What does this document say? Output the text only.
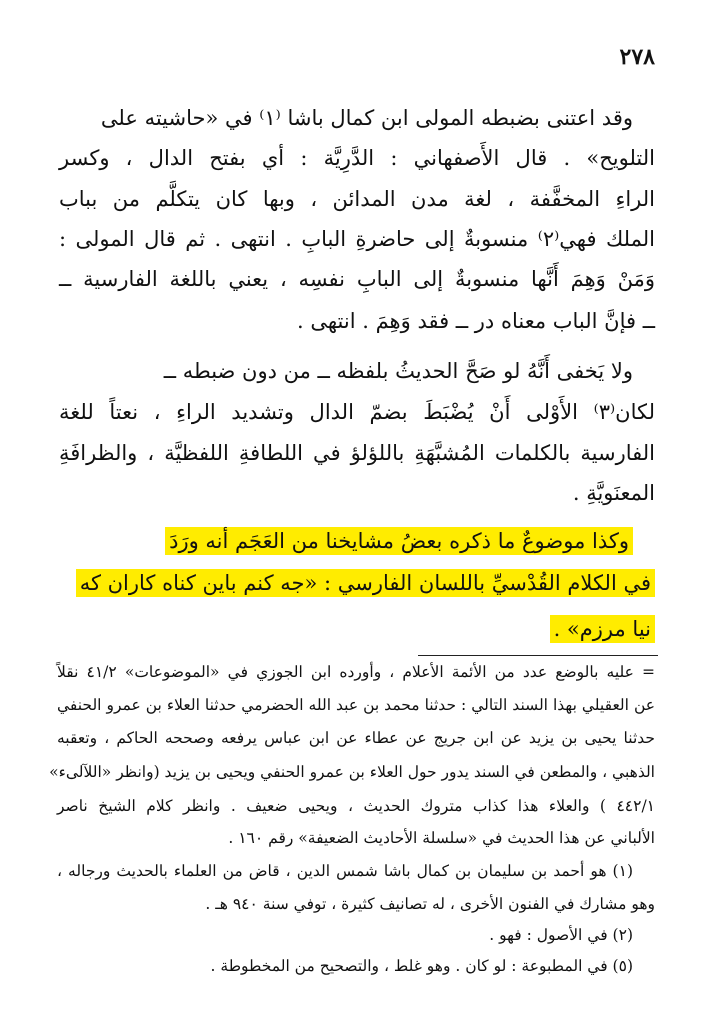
٢٧٨
وقد اعتنى بضبطه المولى ابن كمال باشا ⁽١⁾ في «حاشيته على
التلويح» . قال الأَصفهاني : الدَّرِيَّة : أي بفتح الدال ، وكسر
الراءِ المخفَّفة ، لغة مدن المدائن ، وبها كان يتكلَّم من بباب
الملك فهي⁽٢⁾ منسوبةٌ إلى حاضرةِ البابِ . انتهى . ثم قال المولى :
وَمَنْ وَهِمَ أَنَّها منسوبةٌ إلى البابِ نفسِه ، يعني باللغة الفارسية ــ
ــ فإنَّ الباب معناه در ــ فقد وَهِمَ . انتهى .
ولا يَخفى أَنَّهُ لو صَحَّ الحديثُ بلفظه ــ من دون ضبطه ــ
لكان⁽٣⁾ الأَوْلى أَنْ يُضْبَطَ بضمّ الدال وتشديد الراءِ ، نعتاً للغة
الفارسية بالكلمات المُشبَّهَةِ باللؤلؤ في اللطافةِ اللفظيَّة ، والظرافَةِ
المعنَويَّةِ .
وكذا موضوعٌ ما ذكره بعضُ مشايخنا من العَجَم أنه ورَدَ
في الكلام القُدْسيِّ باللسان الفارسي : «جه كنم باين كناه كاران كه
نيا مرزم» .
= عليه بالوضع عدد من الأئمة الأعلام ، وأورده ابن الجوزي في «الموضوعات» ٤١/٢ نقلاً
عن العقيلي بهذا السند التالي : حدثنا محمد بن عبد الله الحضرمي حدثنا العلاء بن عمرو الحنفي
حدثنا يحيى بن يزيد عن ابن جريج عن عطاء عن ابن عباس يرفعه وصححه الحاكم ، وتعقبه
الذهبي ، والمطعن في السند يدور حول العلاء بن عمرو الحنفي ويحيى بن يزيد (وانظر «اللآلىء»
٤٤٢/١ ) والعلاء هذا كذاب متروك الحديث ، ويحيى ضعيف . وانظر كلام الشيخ ناصر
الألباني عن هذا الحديث في «سلسلة الأحاديث الضعيفة» رقم ١٦٠ .
(١) هو أحمد بن سليمان بن كمال باشا شمس الدين ، قاض من العلماء بالحديث ورجاله ،
وهو مشارك في الفنون الأخرى ، له تصانيف كثيرة ، توفي سنة ٩٤٠ هـ .
(٢) في الأصول : فهو .
(٥) في المطبوعة : لو كان . وهو غلط ، والتصحيح من المخطوطة .
